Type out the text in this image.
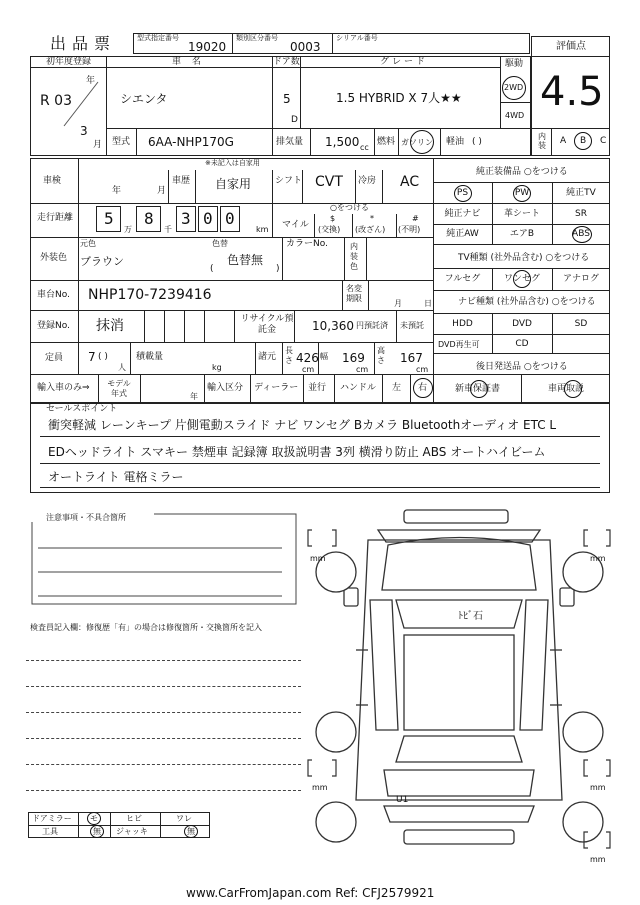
出品票	型式指定番号
19020
類別区分番号
0003
シリアル番号
評価点
4.5
内装 A B C
初年度登録
年
R 03
3
月
車 名
シエンタ
ドア数
5
D
グレード
1.5 HYBRID X 7人★★
駆動
2WD
4WD
型式 6AA-NHP170G	排気量 1,500 cc
燃料 ガソリン 軽油 ( )
車検
年	月
車歴
※未記入は自家用
自家用	シフト CVT 冷房 AC
走行距離 5
万
8
千
3 0 0
km
○をつける
マイル
$
(交換)
*
(改ざん)
#
(不明)
外装色
元色
ブラウン
色替
色替無
(	)
カラーNo.	内装色
車台No. NHP170-7239416	名変期限
月	日
登録No. 抹消	リサイクル預託金	10,360 円預託済 未預託
定員 7 ( )
人
積載量
kg
諸元
長さ 426
cm
幅 169
cm
高さ 167
cm
輸入車のみ⇒	モデル年式	年
輸入区分 ディーラー 並行 ハンドル 左 右
純正装備品 ○をつける
PS	PW	純正TV
純正ナビ	革シート	SR
純正AW	エアB	ABS
TV種類 (社外品含む) ○をつける
フルセグ	ワンセグ	アナログ
ナビ種類 (社外品含む) ○をつける
HDD	DVD	SD
DVD再生可	CD
後日発送品 ○をつける
新車保証書	車両取説
セールスポイント
衝突軽減 レーンキープ 片側電動スライド ナビ ワンセグ Bカメラ Bluetoothオーディオ ETC L
EDヘッドライト スマキー 禁煙車 記録簿 取扱説明書 3列 横滑り防止 ABS オートハイビーム
オートライト 電格ミラー
注意事項・不具合箇所
検査員記入欄：修復歴「有」の場合は修復箇所・交換箇所を記入
ドアミラー モ	ヒビ	ワレ
工具	無 ジャッキ	無
mm	mm
mm	mm
mm
ﾄﾋﾞ石
U1
www.CarFromJapan.com Ref: CFJ2579921
